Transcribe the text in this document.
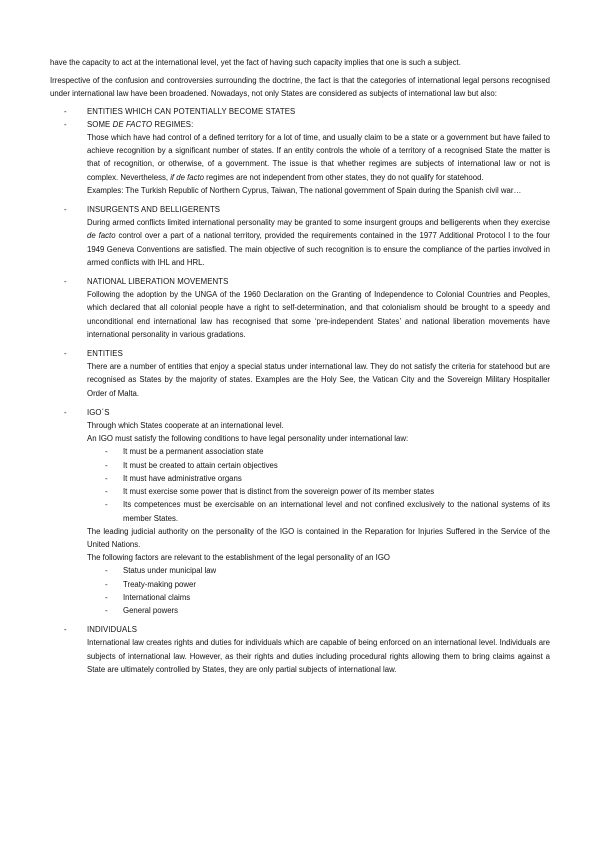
have the capacity to act at the international level, yet the fact of having such capacity implies that one is such a subject.

Irrespective of the confusion and controversies surrounding the doctrine, the fact is that the categories of international legal persons recognised under international law have been broadened. Nowadays, not only States are considered as subjects of international law but also:

- ENTITIES WHICH CAN POTENTIALLY BECOME STATES
- SOME DE FACTO REGIMES:

Those which have had control of a defined territory for a lot of time, and usually claim to be a state or a government but have failed to achieve recognition by a significant number of states. If an entity controls the whole of a territory of a recognised State the matter is that of recognition, or otherwise, of a government. The issue is that whether regimes are subjects of international law or not is complex. Nevertheless, if de facto regimes are not independent from other states, they do not qualify for statehood.

Examples: The Turkish Republic of Northern Cyprus, Taiwan, The national government of Spain during the Spanish civil war…

- INSURGENTS AND BELLIGERENTS

During armed conflicts limited international personality may be granted to some insurgent groups and belligerents when they exercise de facto control over a part of a national territory, provided the requirements contained in the 1977 Additional Protocol I to the four 1949 Geneva Conventions are satisfied. The main objective of such recognition is to ensure the compliance of the parties involved in armed conflicts with IHL and HRL.

- NATIONAL LIBERATION MOVEMENTS

Following the adoption by the UNGA of the 1960 Declaration on the Granting of Independence to Colonial Countries and Peoples, which declared that all colonial people have a right to self-determination, and that colonialism should be brought to a speedy and unconditional end international law has recognised that some ‘pre-independent States’ and national liberation movements have international personality in various gradations.

- ENTITIES

There are a number of entities that enjoy a special status under international law. They do not satisfy the criteria for statehood but are recognised as States by the majority of states. Examples are the Holy See, the Vatican City and the Sovereign Military Hospitaller Order of Malta.

- IGO´S

Through which States cooperate at an international level.

An IGO must satisfy the following conditions to have legal personality under international law:

- It must be a permanent association state
- It must be created to attain certain objectives
- It must have administrative organs
- It must exercise some power that is distinct from the sovereign power of its member states
- Its competences must be exercisable on an international level and not confined exclusively to the national systems of its member States.

The leading judicial authority on the personality of the IGO is contained in the Reparation for Injuries Suffered in the Service of the United Nations.

The following factors are relevant to the establishment of the legal personality of an IGO

- Status under municipal law
- Treaty-making power
- International claims
- General powers
- INDIVIDUALS

International law creates rights and duties for individuals which are capable of being enforced on an international level. Individuals are subjects of international law. However, as their rights and duties including procedural rights allowing them to bring claims against a State are ultimately controlled by States, they are only partial subjects of international law.
